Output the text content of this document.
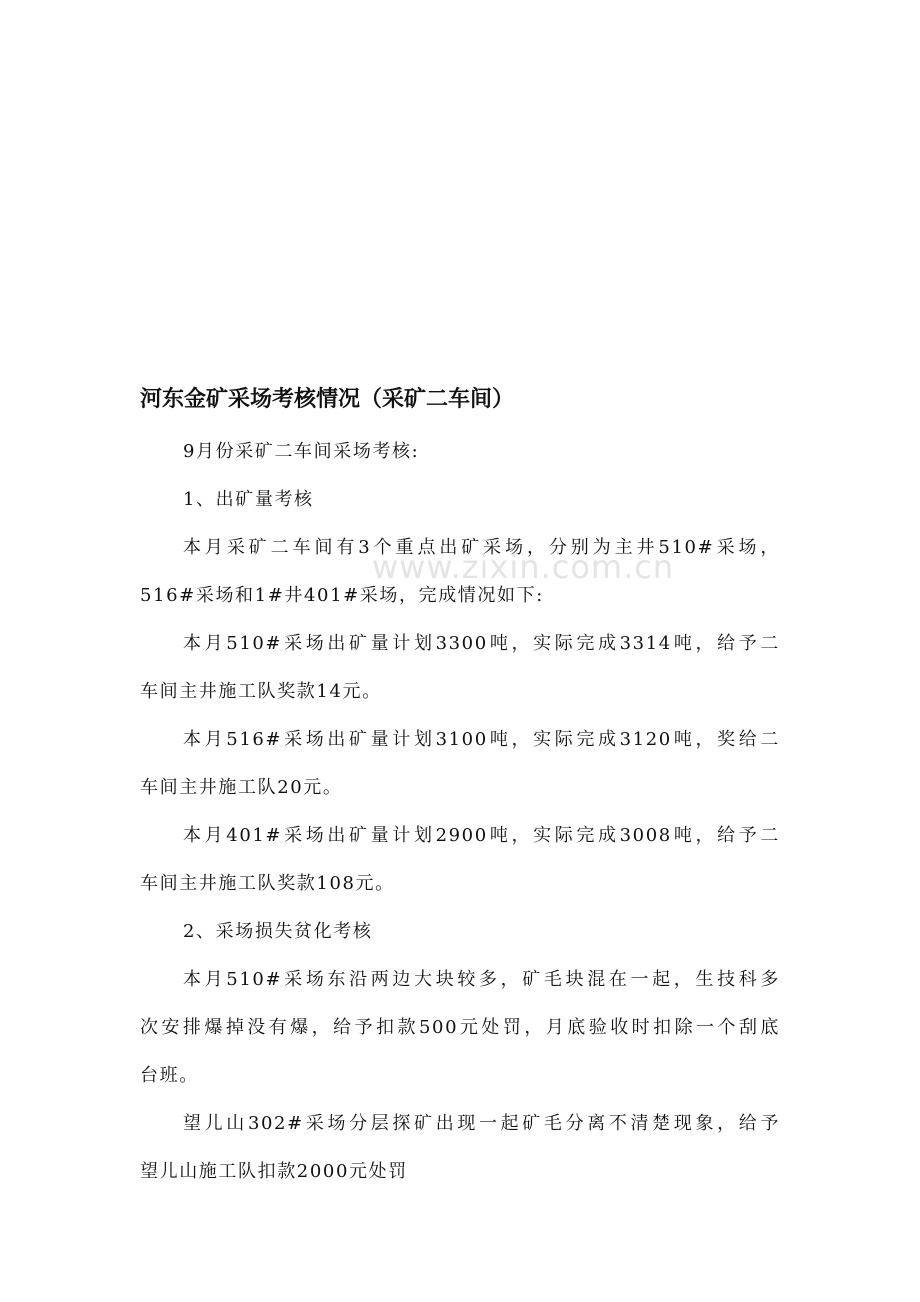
www.zixin.com.cn
河东金矿采场考核情况（采矿二车间）

9月份采矿二车间采场考核:

1、出矿量考核

本月采矿二车间有3个重点出矿采场，分别为主井510#采场，
516#采场和1#井401#采场，完成情况如下:

本月510#采场出矿量计划3300吨，实际完成3314吨，给予二
车间主井施工队奖款14元。

本月516#采场出矿量计划3100吨，实际完成3120吨，奖给二
车间主井施工队20元。

本月401#采场出矿量计划2900吨，实际完成3008吨，给予二
车间主井施工队奖款108元。

2、采场损失贫化考核

本月510#采场东沿两边大块较多，矿毛块混在一起，生技科多
次安排爆掉没有爆，给予扣款500元处罚，月底验收时扣除一个刮底
台班。

望儿山302#采场分层探矿出现一起矿毛分离不清楚现象，给予
望儿山施工队扣款2000元处罚
